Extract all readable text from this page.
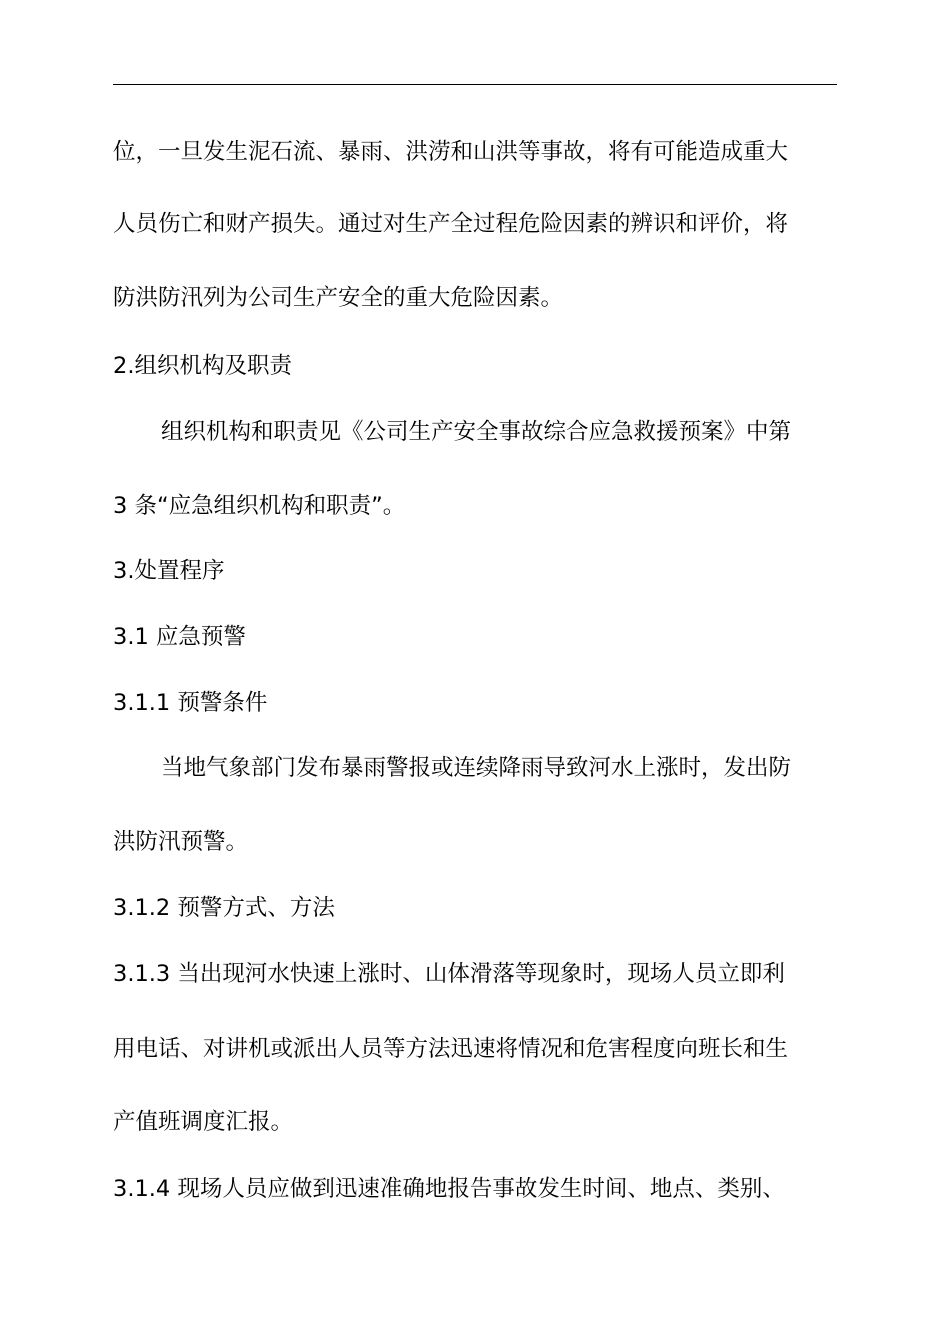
位，一旦发生泥石流、暴雨、洪涝和山洪等事故，将有可能造成重大
人员伤亡和财产损失。通过对生产全过程危险因素的辨识和评价，将
防洪防汛列为公司生产安全的重大危险因素。
2.组织机构及职责
组织机构和职责见《公司生产安全事故综合应急救援预案》中第
3 条“应急组织机构和职责”。
3.处置程序
3.1 应急预警
3.1.1 预警条件
当地气象部门发布暴雨警报或连续降雨导致河水上涨时，发出防
洪防汛预警。
3.1.2 预警方式、方法
3.1.3 当出现河水快速上涨时、山体滑落等现象时，现场人员立即利
用电话、对讲机或派出人员等方法迅速将情况和危害程度向班长和生
产值班调度汇报。
3.1.4 现场人员应做到迅速准确地报告事故发生时间、地点、类别、
